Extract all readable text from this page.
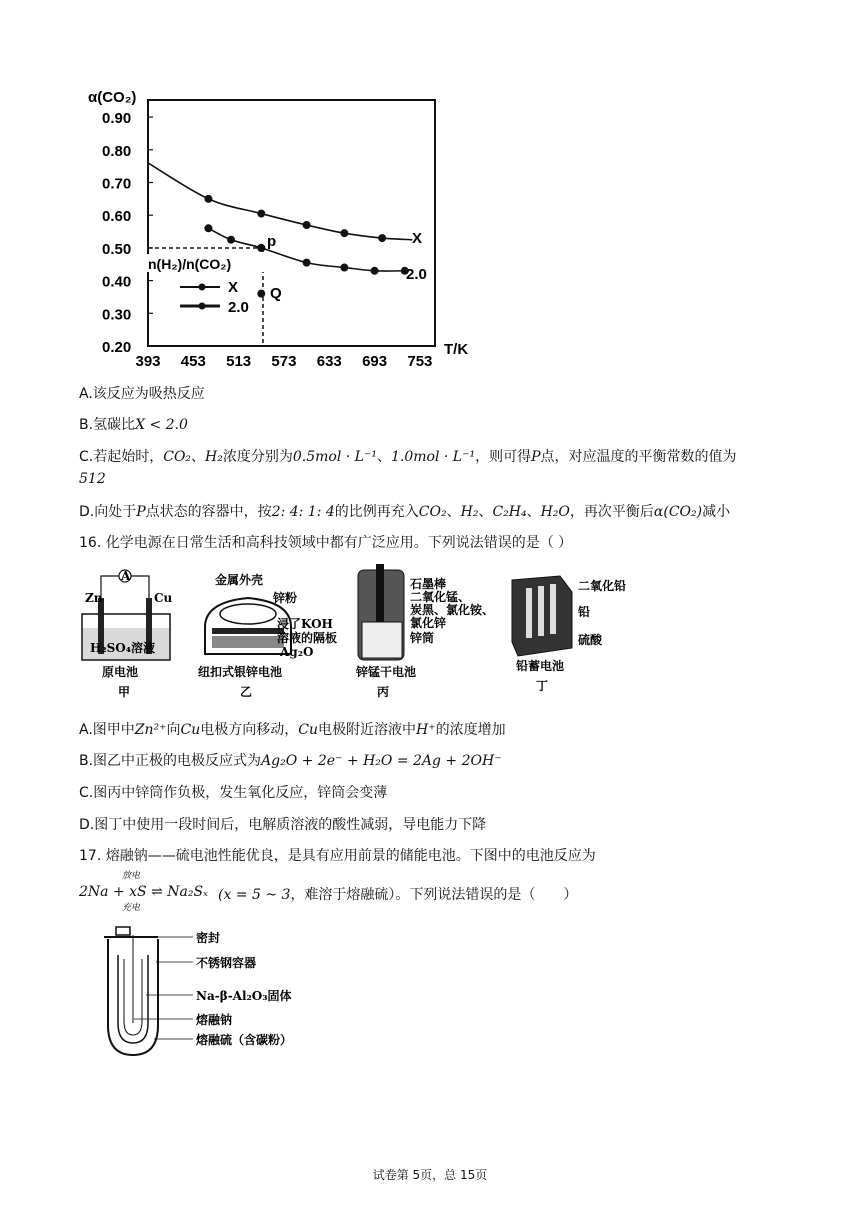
α(CO₂)
0.90
0.80
0.70
0.60
0.50
0.40
0.30
0.20
393 453 513 573 633 693 753
X
2.0
p
Q
n(H₂)/n(CO₂)
X
2.0
T/K
A.该反应为吸热反应
B.氢碳比X < 2.0
C.若起始时，CO₂、H₂浓度分别为0.5mol · L⁻¹、1.0mol · L⁻¹，则可得P点，对应温度的平衡常数的值为
512
D.向处于P点状态的容器中，按2: 4: 1: 4的比例再充入CO₂、H₂、C₂H₄、H₂O，再次平衡后α(CO₂)减小
16. 化学电源在日常生活和高科技领域中都有广泛应用。下列说法错误的是（ ）
A
Zn	Cu
H₂SO₄溶液
原电池
甲
金属外壳
锌粉
浸了KOH
溶液的隔板
Ag₂O
纽扣式银锌电池
乙
石墨棒
二氧化锰、
炭黑、氯化铵、
氯化锌
锌筒
锌锰干电池
丙
二氧化铅
铅
硫酸
铅蓄电池
丁
A.图甲中Zn²⁺向Cu电极方向移动，Cu电极附近溶液中H⁺的浓度增加
B.图乙中正极的电极反应式为Ag₂O + 2e⁻ + H₂O = 2Ag + 2OH⁻
C.图丙中锌筒作负极，发生氧化反应，锌筒会变薄
D.图丁中使用一段时间后，电解质溶液的酸性减弱，导电能力下降
17. 熔融钠——硫电池性能优良，是具有应用前景的储能电池。下图中的电池反应为
2Na + xS ⇌ Na₂Sₓ
放电
充电
(x = 5 ~ 3，难溶于熔融硫）。下列说法错误的是（　　）
密封
不锈钢容器
Na-β-Al₂O₃固体
熔融钠
熔融硫（含碳粉）
试卷第 5页，总 15页
